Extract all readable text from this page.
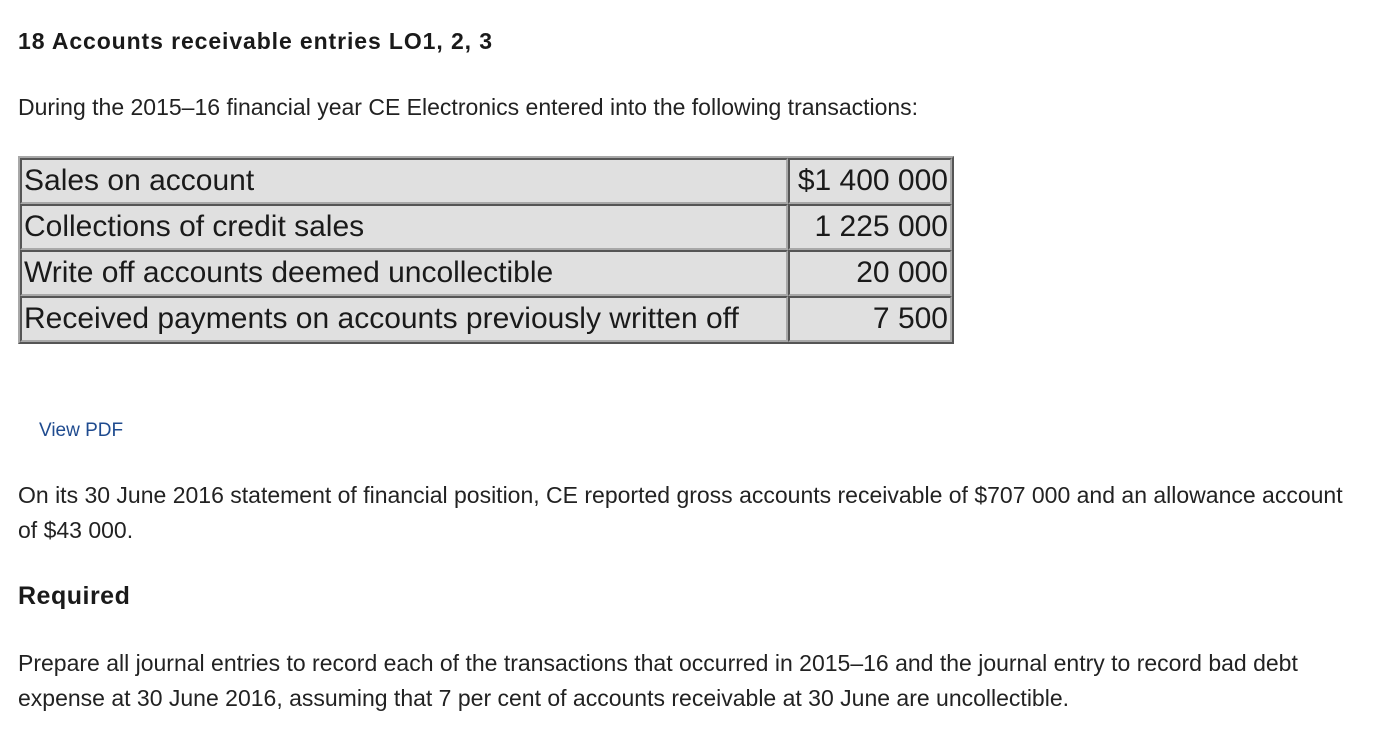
18 Accounts receivable entries LO1, 2, 3

During the 2015–16 financial year CE Electronics entered into the following transactions:

Sales on account	$1 400 000
Collections of credit sales	1 225 000
Write off accounts deemed uncollectible	20 000
Received payments on accounts previously written off	7 500
View PDF

On its 30 June 2016 statement of financial position, CE reported gross accounts receivable of $707 000 and an allowance account of $43 000.

Required

Prepare all journal entries to record each of the transactions that occurred in 2015–16 and the journal entry to record bad debt expense at 30 June 2016, assuming that 7 per cent of accounts receivable at 30 June are uncollectible.
